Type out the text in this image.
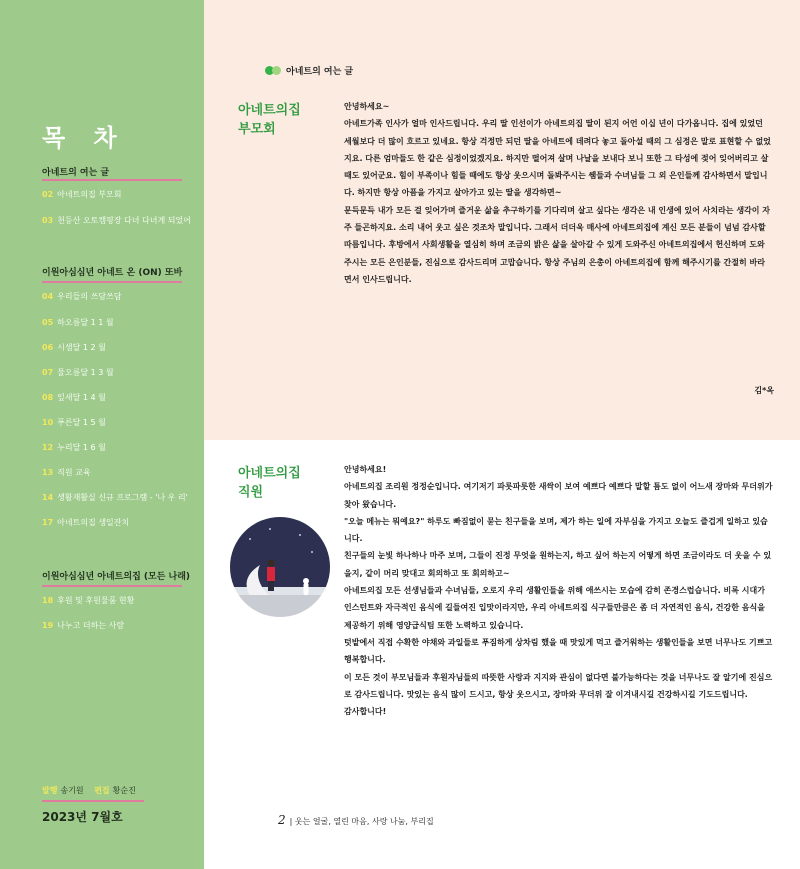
목 차
아네트의 여는 글
02 아네트의집 부모회
03 천등산 오토캠핑장 다녀 다녀계 되었어
이원아심심년 아네트 온 (ON) 또바
04 우리들의 쓰담쓰담
05 하오름달 1 1 월
06 시샘달 1 2 월
07 물오름달 1 3 월
08 잎새달 1 4 월
10 푸른달 1 5 월
12 누리달 1 6 월
13 직원 교육
14 생활재활실 신규 프로그램 - '나 우 리'
17 아네트의집 생일잔치
이원아심심년 아네트의집 (모든 나래)
18 후원 및 후원물품 현황
19 나누고 더하는 사람
발행 송기원 편집 황순진
2023년 7월호
아네트의 여는 글
아네트의집
부모회

안녕하세요~

아네트가족 인사가 얼마 인사드립니다. 우리 딸 인선이가 아네트의집 딸이 된지 어언 이십 년이 다가옵니다. 집에 있었던 세월보다 더 많이 흐르고 있네요. 항상 걱정만 되던 딸을 아네트에 데려다 놓고 돌아설 때의 그 심정은 말로 표현할 수 없었지요. 다른 엄마들도 한 같은 심정이었겠지요. 하지만 떨어져 살며 나날을 보내다 보니 또한 그 타성에 젖어 잊어버리고 살 때도 있어군요. 힘이 부족이나 힘들 때에도 항상 웃으시며 돌봐주시는 쌤들과 수녀님들 그 외 은인들께 감사하면서 말입니다. 하지만 항상 아픔을 가지고 살아가고 있는 딸을 생각하면~

문득문득 내가 모든 걸 잊어가며 즐거운 삶을 추구하기를 기다리며 살고 싶다는 생각은 내 인생에 있어 사치라는 생각이 자주 들곤하지요. 소리 내어 웃고 싶은 것조차 말입니다. 그래서 더더욱 매사에 아네트의집에 계신 모든 분들이 넘넘 감사할 따름입니다. 후방에서 사회생활을 열심히 하며 조금의 밝은 삶을 살아갈 수 있게 도와주신 아네트의집에서 헌신하며 도와주시는 모든 은인분들, 진심으로 감사드리며 고맙습니다. 항상 주님의 은총이 아네트의집에 함께 해주시기를 간절히 바라면서 인사드립니다.

김*옥
아네트의집
직원

안녕하세요!

아네트의집 조리원 정정순입니다. 여기저기 파릇파릇한 새싹이 보여 예쁘다 예쁘다 말할 틈도 없이 어느새 장마와 무더위가 찾아 왔습니다.

"오늘 메뉴는 뭐예요?" 하루도 빠짐없이 묻는 친구들을 보며, 제가 하는 일에 자부심을 가지고 오늘도 즐겁게 일하고 있습니다.

친구들의 눈빛 하나하나 마주 보며, 그들이 진정 무엇을 원하는지, 하고 싶어 하는지 어떻게 하면 조금이라도 더 웃을 수 있을지, 같이 머리 맞대고 회의하고 또 회의하고~

아네트의집 모든 선생님들과 수녀님들, 오로지 우리 생활인들을 위해 애쓰시는 모습에 감히 존경스럽습니다. 비록 시대가 인스턴트와 자극적인 음식에 길들여진 입맛이라지만, 우리 아네트의집 식구들만큼은 좀 더 자연적인 음식, 건강한 음식을 제공하기 위해 영양급식팀 또한 노력하고 있습니다.

텃밭에서 직접 수확한 야채와 과일들로 푸짐하게 상차림 했을 때 맛있게 먹고 즐거워하는 생활인들을 보면 너무나도 기쁘고 행복합니다.

이 모든 것이 부모님들과 후원자님들의 따뜻한 사랑과 지지와 관심이 없다면 불가능하다는 것을 너무나도 잘 알기에 진심으로 감사드립니다. 맛있는 음식 많이 드시고, 항상 웃으시고, 장마와 무더위 잘 이겨내시길 건강하시길 기도드립니다.

감사합니다!

2 | 웃는 얼굴, 열린 마음, 사랑 나눔, 부리집
